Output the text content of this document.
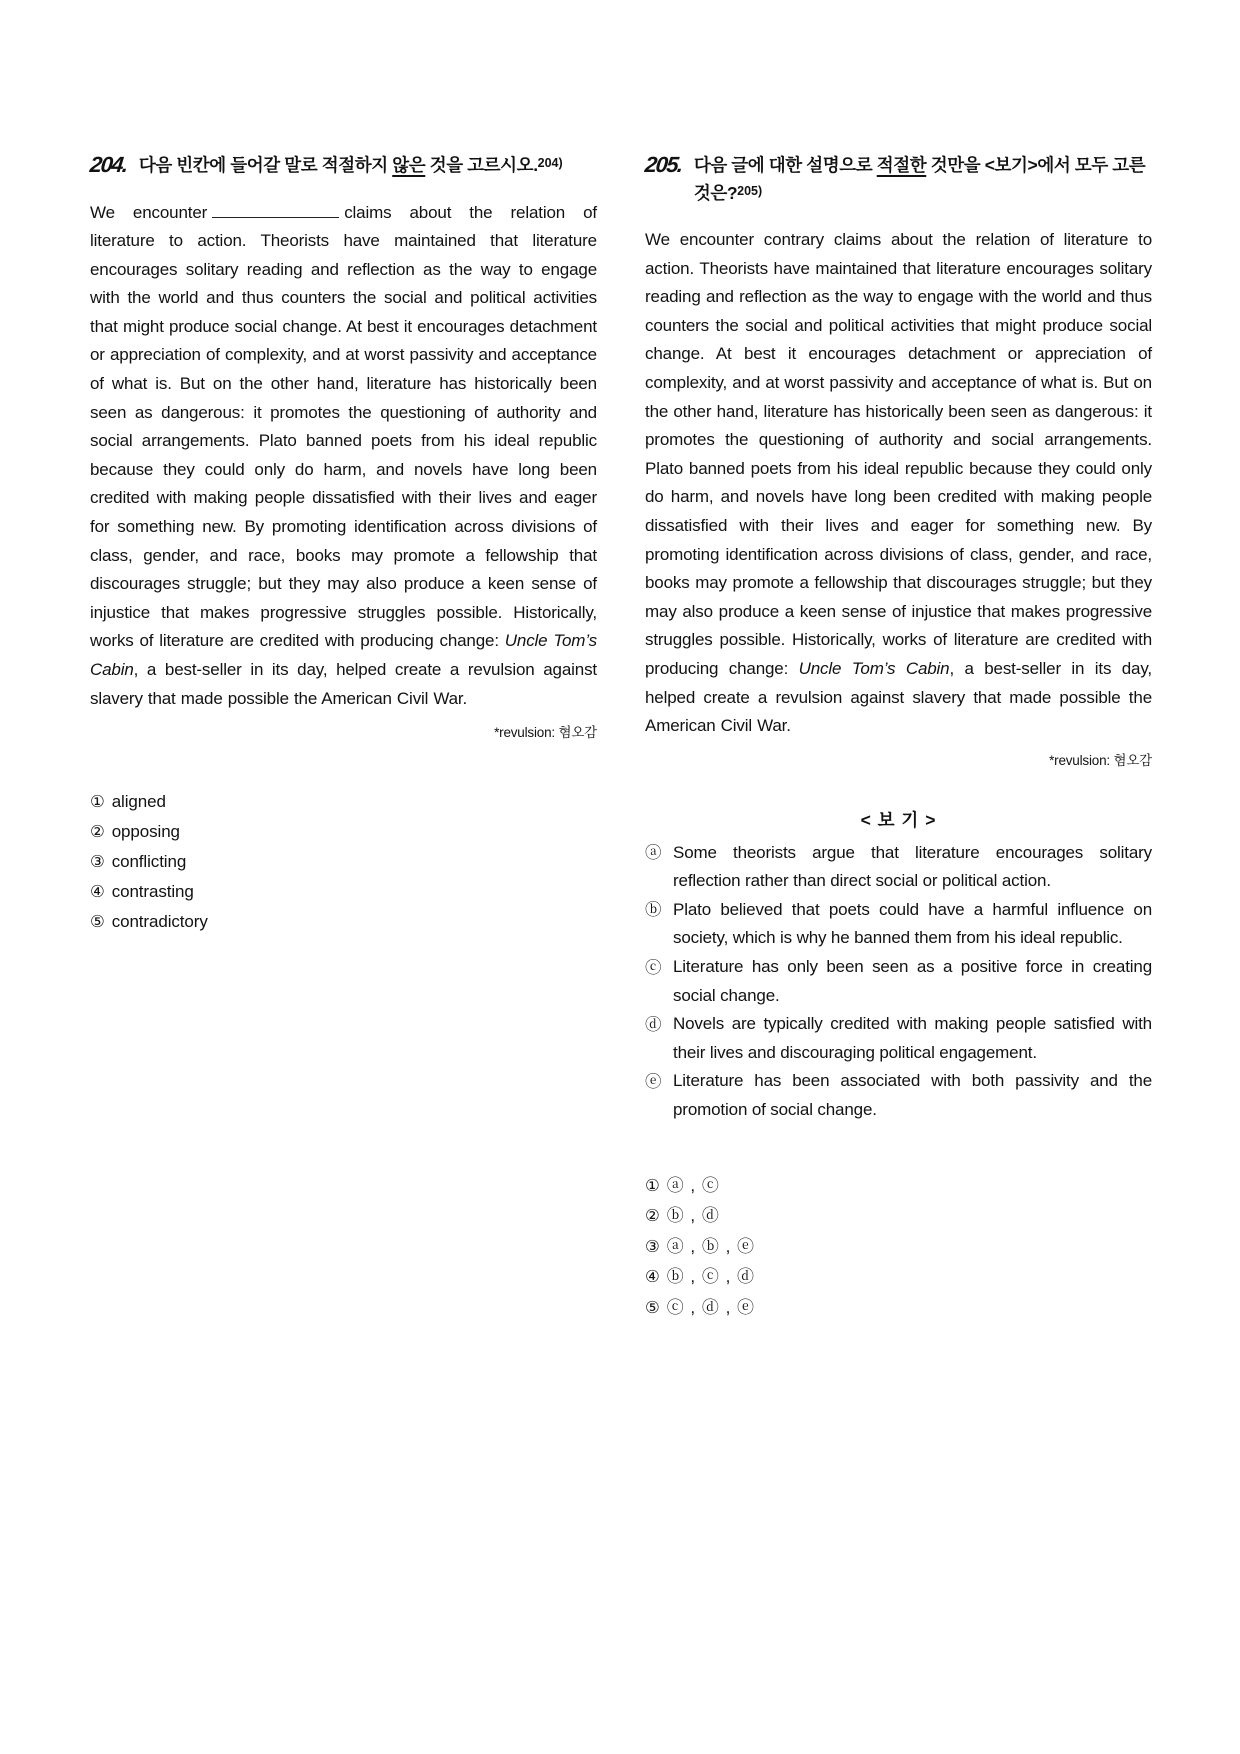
204. 다음 빈칸에 들어갈 말로 적절하지 않은 것을 고르시오.$^{204)}$
We encounter	claims about the relation of literature to action. Theorists have maintained that literature encourages solitary reading and reflection as the way to engage with the world and thus counters the social and political activities that might produce social change. At best it encourages detachment or appreciation of complexity, and at worst passivity and acceptance of what is. But on the other hand, literature has historically been seen as dangerous: it promotes the questioning of authority and social arrangements. Plato banned poets from his ideal republic because they could only do harm, and novels have long been credited with making people dissatisfied with their lives and eager for something new. By promoting identification across divisions of class, gender, and race, books may promote a fellowship that discourages struggle; but they may also produce a keen sense of injustice that makes progressive struggles possible. Historically, works of literature are credited with producing change: Uncle Tom’s Cabin, a best-seller in its day, helped create a revulsion against slavery that made possible the American Civil War.
*revulsion: 혐오감
① aligned
② opposing
③ conflicting
④ contrasting
⑤ contradictory
205. 다음 글에 대한 설명으로 적절한 것만을 <보기>에서 모두 고른 것은?$^{205)}$
We encounter contrary claims about the relation of literature to action. Theorists have maintained that literature encourages solitary reading and reflection as the way to engage with the world and thus counters the social and political activities that might produce social change. At best it encourages detachment or appreciation of complexity, and at worst passivity and acceptance of what is. But on the other hand, literature has historically been seen as dangerous: it promotes the questioning of authority and social arrangements. Plato banned poets from his ideal republic because they could only do harm, and novels have long been credited with making people dissatisfied with their lives and eager for something new. By promoting identification across divisions of class, gender, and race, books may promote a fellowship that discourages struggle; but they may also produce a keen sense of injustice that makes progressive struggles possible. Historically, works of literature are credited with producing change: Uncle Tom’s Cabin, a best-seller in its day, helped create a revulsion against slavery that made possible the American Civil War.
*revulsion: 혐오감
< 보 기 >
ⓐ Some theorists argue that literature encourages solitary reflection rather than direct social or political action.
ⓑ Plato believed that poets could have a harmful influence on society, which is why he banned them from his ideal republic.
ⓒ Literature has only been seen as a positive force in creating social change.
ⓓ Novels are typically credited with making people satisfied with their lives and discouraging political engagement.
ⓔ Literature has been associated with both passivity and the promotion of social change.
① ⓐ , ⓒ
② ⓑ , ⓓ
③ ⓐ , ⓑ , ⓔ
④ ⓑ , ⓒ , ⓓ
⑤ ⓒ , ⓓ , ⓔ
